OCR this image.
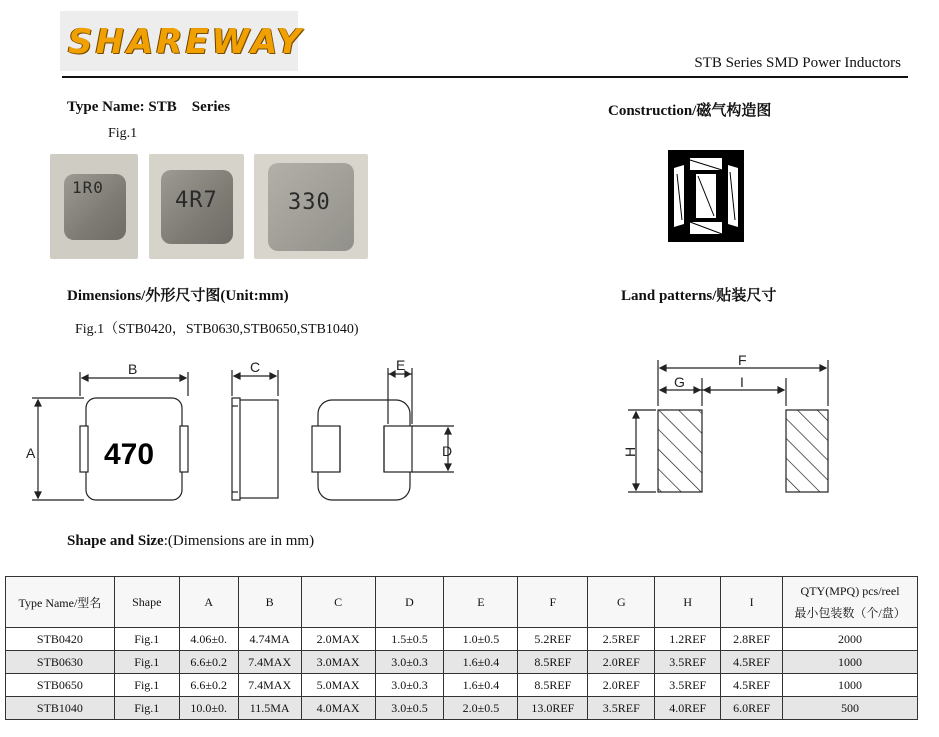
SHAREWAY
STB Series SMD Power Inductors
Type Name: STB    Series
Fig.1
1R0
4R7	330
Construction/磁气构造图
Dimensions/外形尺寸图(Unit:mm)
Fig.1（STB0420，STB0630,STB0650,STB1040)
470
B
A
C	E
D
Land patterns/贴装尺寸
F
G	I
H
Shape and Size:(Dimensions are in mm)
Type Name/型名	Shape	A	B	C	D	E	F	G	H	I	QTY(MPQ) pcs/reel
最小包装数（个/盘）

STB0420	Fig.1	4.06±0.	4.74MA	2.0MAX	1.5±0.5	1.0±0.5	5.2REF	2.5REF	1.2REF	2.8REF	2000
STB0630	Fig.1	6.6±0.2	7.4MAX	3.0MAX	3.0±0.3	1.6±0.4	8.5REF	2.0REF	3.5REF	4.5REF	1000
STB0650	Fig.1	6.6±0.2	7.4MAX	5.0MAX	3.0±0.3	1.6±0.4	8.5REF	2.0REF	3.5REF	4.5REF	1000
STB1040	Fig.1	10.0±0.	11.5MA	4.0MAX	3.0±0.5	2.0±0.5	13.0REF	3.5REF	4.0REF	6.0REF	500
